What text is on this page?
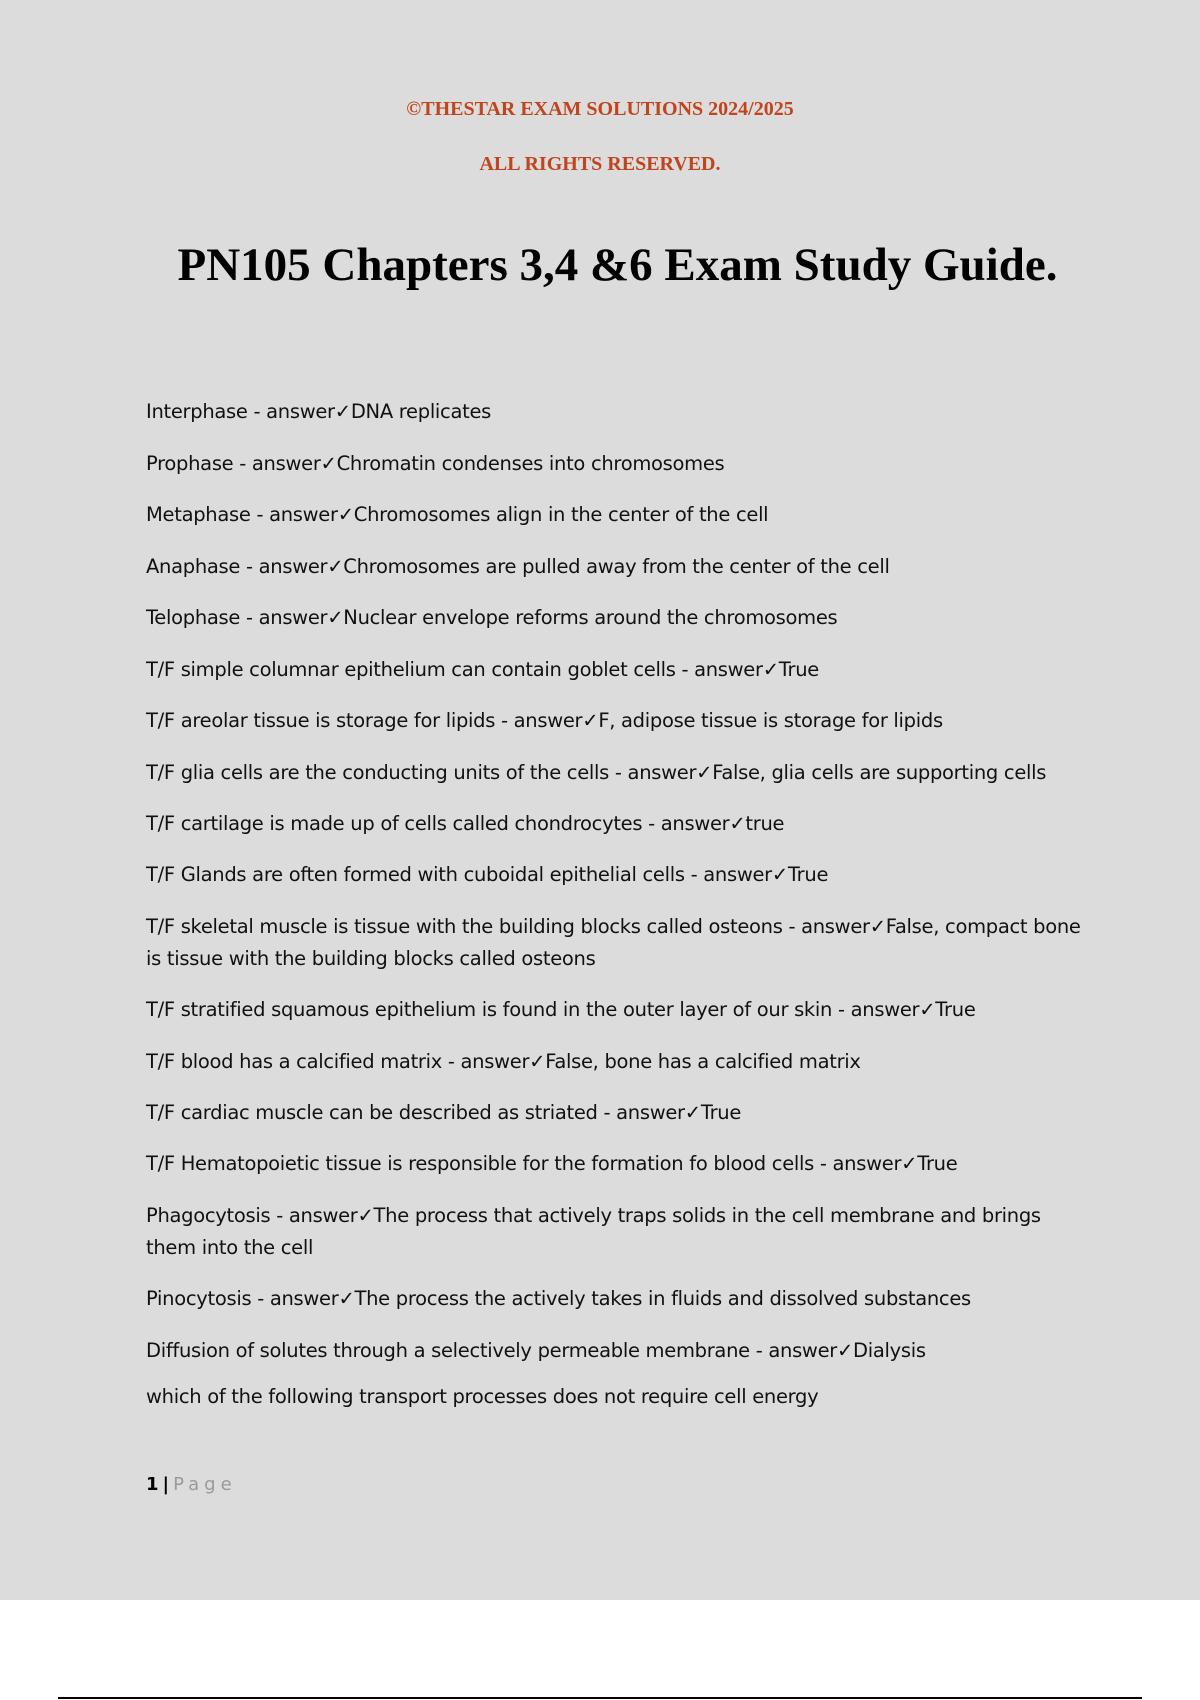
©THESTAR EXAM SOLUTIONS 2024/2025
ALL RIGHTS RESERVED.
PN105 Chapters 3,4 &6 Exam Study Guide.
Interphase - answer✓DNA replicates
Prophase - answer✓Chromatin condenses into chromosomes
Metaphase - answer✓Chromosomes align in the center of the cell
Anaphase - answer✓Chromosomes are pulled away from the center of the cell
Telophase - answer✓Nuclear envelope reforms around the chromosomes
T/F simple columnar epithelium can contain goblet cells - answer✓True
T/F areolar tissue is storage for lipids - answer✓F, adipose tissue is storage for lipids
T/F glia cells are the conducting units of the cells - answer✓False, glia cells are supporting cells
T/F cartilage is made up of cells called chondrocytes - answer✓true
T/F Glands are often formed with cuboidal epithelial cells - answer✓True
T/F skeletal muscle is tissue with the building blocks called osteons - answer✓False, compact bone is tissue with the building blocks called osteons
T/F stratified squamous epithelium is found in the outer layer of our skin - answer✓True
T/F blood has a calcified matrix - answer✓False, bone has a calcified matrix
T/F cardiac muscle can be described as striated - answer✓True
T/F Hematopoietic tissue is responsible for the formation fo blood cells - answer✓True
Phagocytosis - answer✓The process that actively traps solids in the cell membrane and brings them into the cell
Pinocytosis - answer✓The process the actively takes in fluids and dissolved substances
Diffusion of solutes through a selectively permeable membrane - answer✓Dialysis
which of the following transport processes does not require cell energy
1 | Page
